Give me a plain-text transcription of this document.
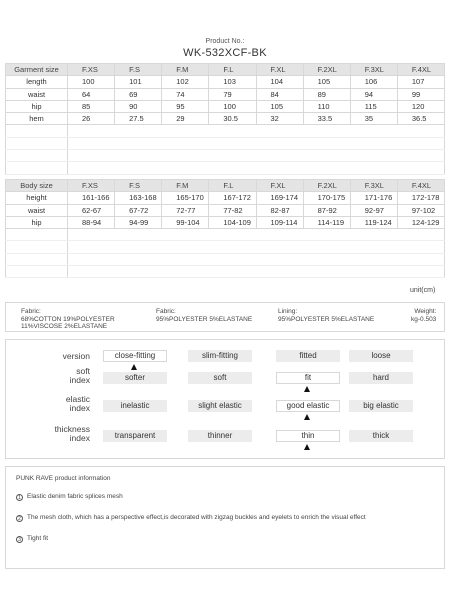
Product No.:
WK-532XCF-BK
Garment size	F.XS	F.S	F.M	F.L	F.XL	F.2XL	F.3XL	F.4XL
length	100	101	102	103	104	105	106	107
waist	64	69	74	79	84	89	94	99
hip	85	90	95	100	105	110	115	120
hem	26	27.5	29	30.5	32	33.5	35	36.5

Body size	F.XS	F.S	F.M	F.L	F.XL	F.2XL	F.3XL	F.4XL
height	161-166	163-168	165-170	167-172	169-174	170-175	171-176	172-178
waist	62-67	67-72	72-77	77-82	82-87	87-92	92-97	97-102
hip	88-94	94-99	99-104	104-109	109-114	114-119	119-124	124-129

unit(cm)
Fabric:
68%COTTON 19%POLYESTER
11%VISCOSE 2%ELASTANE
Fabric:
95%POLYESTER 5%ELASTANE
Lining:
95%POLYESTER 5%ELASTANE
Weight:
kg-0.503
version	close-fitting	slim-fitting	fitted	loose
soft
index	softer	soft	fit	hard
elastic
index	inelastic	slight elastic	good elastic	big elastic
thickness
index	transparent	thinner	thin	thick
PUNK RAVE product information
1 Elastic denim fabric splices mesh
2 The mesh cloth, which has a perspective effect,is decorated with zigzag buckles and eyelets to enrich the visual effect
3 Tight fit
